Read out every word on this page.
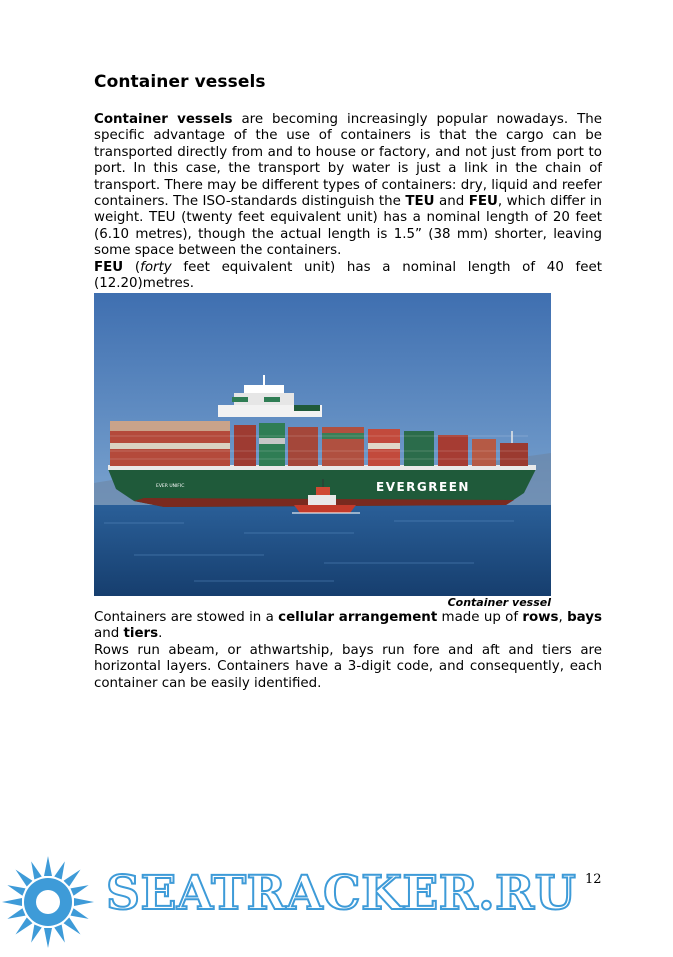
Container vessels

Container vessels are becoming increasingly popular nowadays. The specific advantage of the use of containers is that the cargo can be transported directly from and to house or factory, and not just from port to port. In this case, the transport by water is just a link in the chain of transport. There may be different types of containers: dry, liquid and reefer containers. The ISO-standards distinguish the TEU and FEU, which differ in weight. TEU (twenty feet equivalent unit) has a nominal length of 20 feet (6.10 metres), though the actual length is 1.5” (38 mm) shorter, leaving some space between the containers.

FEU (forty feet equivalent unit) has a nominal length of 40 feet (12.20)metres.

EVERGREEN
EVER UNIFIC
Container vessel

Containers are stowed in a cellular arrangement made up of rows, bays and tiers.

Rows run abeam, or athwartship, bays run fore and aft and tiers are horizontal layers. Containers have a 3-digit code, and consequently, each container can be easily identified.

SEATRACKER.RU 12
